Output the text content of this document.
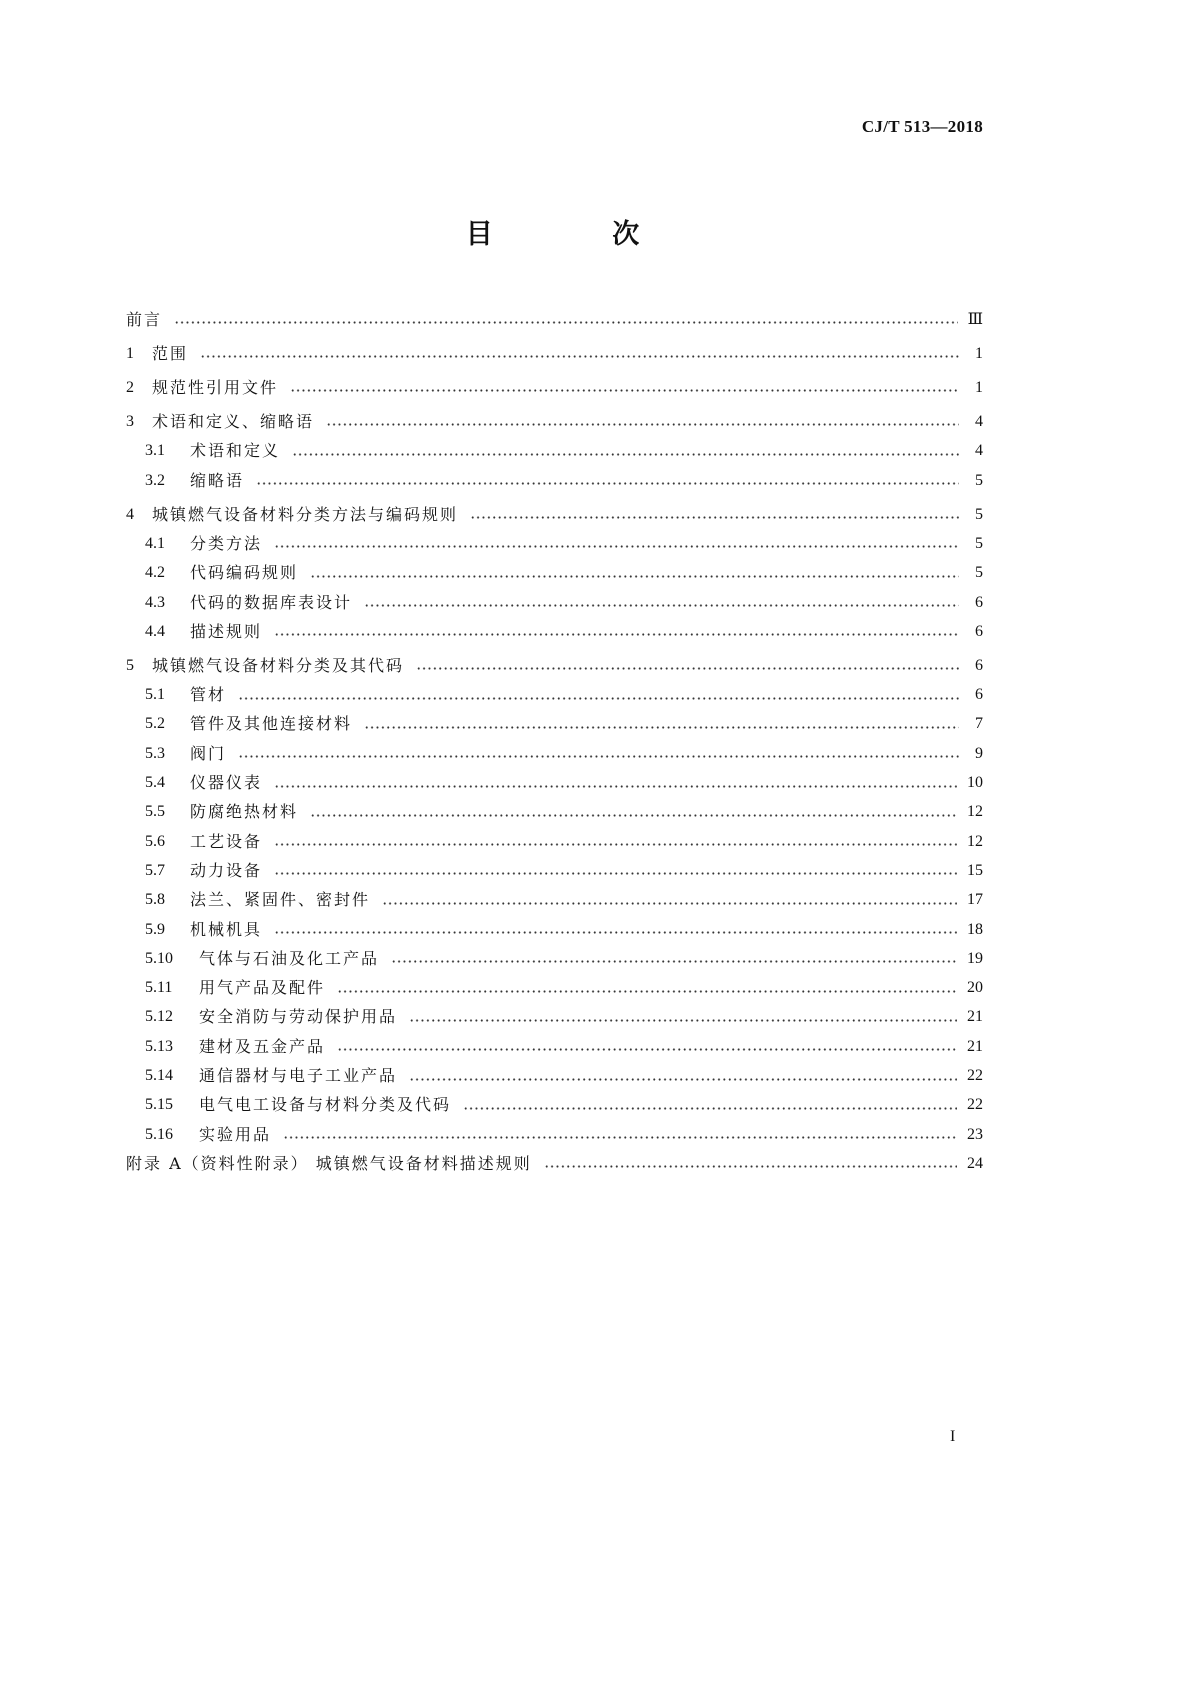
CJ/T 513—2018
目 次
前言	Ⅲ
1	范围	1
2	规范性引用文件	1
3	术语和定义、缩略语	4
3.1	术语和定义	4
3.2	缩略语	5
4	城镇燃气设备材料分类方法与编码规则	5
4.1	分类方法	5
4.2	代码编码规则	5
4.3	代码的数据库表设计	6
4.4	描述规则	6
5	城镇燃气设备材料分类及其代码	6
5.1	管材	6
5.2	管件及其他连接材料	7
5.3	阀门	9
5.4	仪器仪表	10
5.5	防腐绝热材料	12
5.6	工艺设备	12
5.7	动力设备	15
5.8	法兰、紧固件、密封件	17
5.9	机械机具	18
5.10	气体与石油及化工产品	19
5.11	用气产品及配件	20
5.12	安全消防与劳动保护用品	21
5.13	建材及五金产品	21
5.14	通信器材与电子工业产品	22
5.15	电气电工设备与材料分类及代码	22
5.16	实验用品	23
附录 A（资料性附录） 城镇燃气设备材料描述规则	24
I
